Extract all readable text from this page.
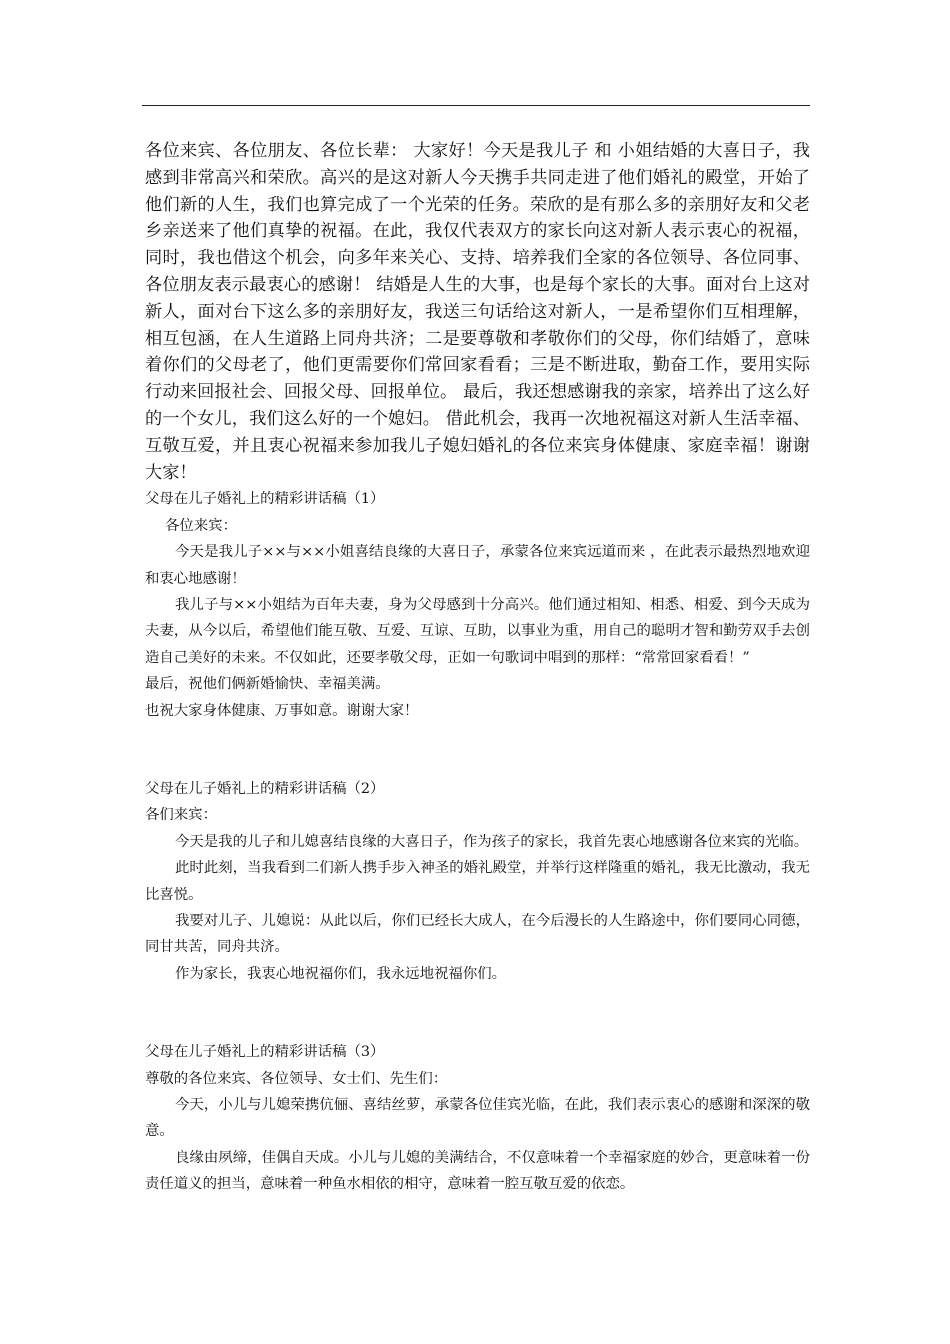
各位来宾、各位朋友、各位长辈： 大家好！今天是我儿子 和 小姐结婚的大喜日子，我感到非常高兴和荣欣。高兴的是这对新人今天携手共同走进了他们婚礼的殿堂，开始了他们新的人生，我们也算完成了一个光荣的任务。荣欣的是有那么多的亲朋好友和父老乡亲送来了他们真挚的祝福。在此，我仅代表双方的家长向这对新人表示衷心的祝福，同时，我也借这个机会，向多年来关心、支持、培养我们全家的各位领导、各位同事、各位朋友表示最衷心的感谢！ 结婚是人生的大事，也是每个家长的大事。面对台上这对新人，面对台下这么多的亲朋好友，我送三句话给这对新人，一是希望你们互相理解，相互包涵，在人生道路上同舟共济；二是要尊敬和孝敬你们的父母，你们结婚了，意味着你们的父母老了，他们更需要你们常回家看看；三是不断进取，勤奋工作，要用实际行动来回报社会、回报父母、回报单位。 最后，我还想感谢我的亲家，培养出了这么好的一个女儿，我们这么好的一个媳妇。 借此机会，我再一次地祝福这对新人生活幸福、互敬互爱，并且衷心祝福来参加我儿子媳妇婚礼的各位来宾身体健康、家庭幸福！谢谢大家！

父母在儿子婚礼上的精彩讲话稿（1）

各位来宾：

今天是我儿子××与××小姐喜结良缘的大喜日子，承蒙各位来宾远道而来 ，在此表示最热烈地欢迎和衷心地感谢！

我儿子与××小姐结为百年夫妻，身为父母感到十分高兴。他们通过相知、相悉、相爱、到今天成为夫妻，从今以后，希望他们能互敬、互爱、互谅、互助，以事业为重，用自己的聪明才智和勤劳双手去创造自己美好的未来。不仅如此，还要孝敬父母，正如一句歌词中唱到的那样：“常常回家看看！”

最后，祝他们俩新婚愉快、幸福美满。

也祝大家身体健康、万事如意。谢谢大家！

父母在儿子婚礼上的精彩讲话稿（2）

各们来宾：

今天是我的儿子和儿媳喜结良缘的大喜日子，作为孩子的家长，我首先衷心地感谢各位来宾的光临。

此时此刻，当我看到二们新人携手步入神圣的婚礼殿堂，并举行这样隆重的婚礼，我无比激动，我无比喜悦。

我要对儿子、儿媳说：从此以后，你们已经长大成人，在今后漫长的人生路途中，你们要同心同德，同甘共苦，同舟共济。

作为家长，我衷心地祝福你们，我永远地祝福你们。

父母在儿子婚礼上的精彩讲话稿（3）

尊敬的各位来宾、各位领导、女士们、先生们：

今天，小儿与儿媳荣携伉俪、喜结丝萝，承蒙各位佳宾光临，在此，我们表示衷心的感谢和深深的敬意。

良缘由夙缔，佳偶自天成。小儿与儿媳的美满结合，不仅意味着一个幸福家庭的妙合，更意味着一份责任道义的担当，意味着一种鱼水相依的相守，意味着一腔互敬互爱的依恋。
